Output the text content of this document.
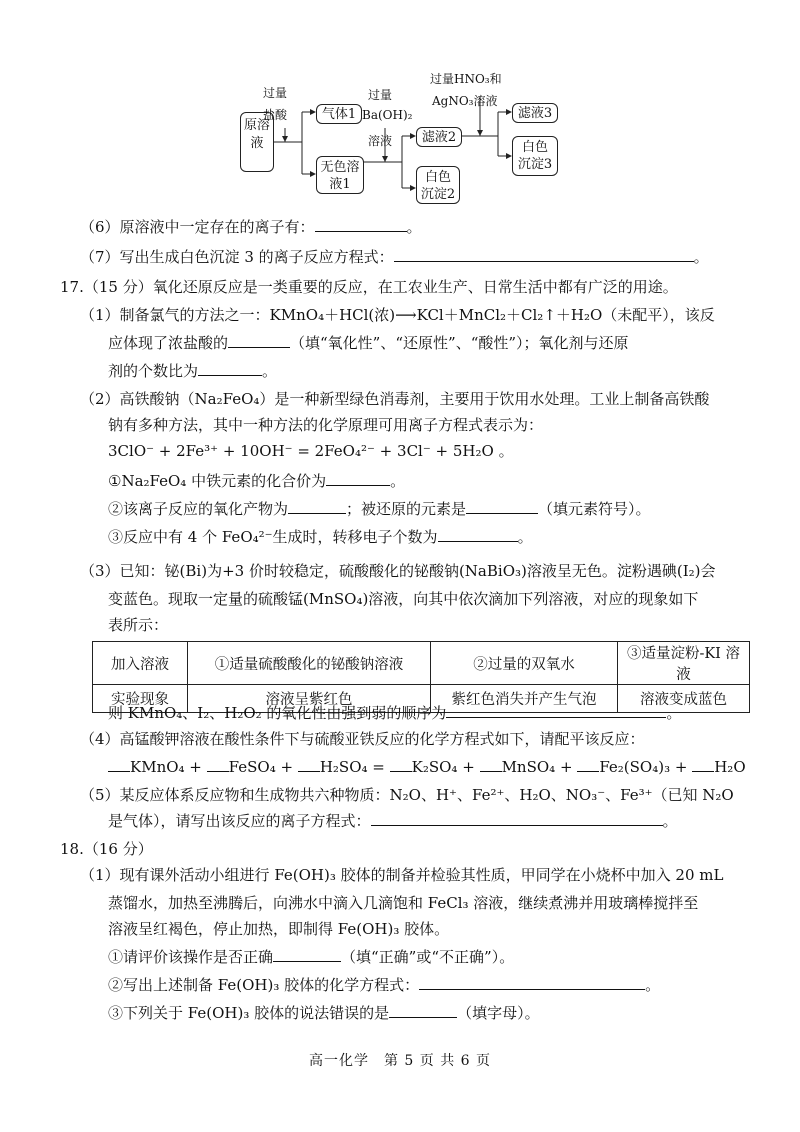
原溶液
过量
盐酸	气体1
无色溶液1
过量
Ba(OH)₂
溶液	滤液2
白色沉淀2
过量HNO₃和
AgNO₃溶液
滤液3
白色沉淀3
（6）原溶液中一定存在的离子有：	。
（7）写出生成白色沉淀 3 的离子反应方程式：	。
17.（15 分）氧化还原反应是一类重要的反应，在工农业生产、日常生活中都有广泛的用途。
（1）制备氯气的方法之一：KMnO₄＋HCl(浓)⟶KCl＋MnCl₂＋Cl₂↑＋H₂O（未配平），该反
应体现了浓盐酸的	（填“氧化性”、“还原性”、“酸性”）；氧化剂与还原
剂的个数比为	。
（2）高铁酸钠（Na₂FeO₄）是一种新型绿色消毒剂，主要用于饮用水处理。工业上制备高铁酸
钠有多种方法，其中一种方法的化学原理可用离子方程式表示为：
3ClO⁻ + 2Fe³⁺ + 10OH⁻ = 2FeO₄²⁻ + 3Cl⁻ + 5H₂O 。
①Na₂FeO₄ 中铁元素的化合价为	。
②该离子反应的氧化产物为	；被还原的元素是	（填元素符号）。
③反应中有 4 个 FeO₄²⁻生成时，转移电子个数为	。
（3）已知：铋(Bi)为+3 价时较稳定，硫酸酸化的铋酸钠(NaBiO₃)溶液呈无色。淀粉遇碘(I₂)会
变蓝色。现取一定量的硫酸锰(MnSO₄)溶液，向其中依次滴加下列溶液，对应的现象如下
表所示：
加入溶液	①适量硫酸酸化的铋酸钠溶液	②过量的双氧水	③适量淀粉-KI 溶液
实验现象	溶液呈紫红色	紫红色消失并产生气泡	溶液变成蓝色
则 KMnO₄、I₂、H₂O₂ 的氧化性由强到弱的顺序为	。
（4）高锰酸钾溶液在酸性条件下与硫酸亚铁反应的化学方程式如下，请配平该反应：
KMnO₄ + FeSO₄ + H₂SO₄ = K₂SO₄ + MnSO₄ + Fe₂(SO₄)₃ + H₂O
（5）某反应体系反应物和生成物共六种物质：N₂O、H⁺、Fe²⁺、H₂O、NO₃⁻、Fe³⁺（已知 N₂O
是气体），请写出该反应的离子方程式：	。
18.（16 分）
（1）现有课外活动小组进行 Fe(OH)₃ 胶体的制备并检验其性质，甲同学在小烧杯中加入 20 mL
蒸馏水，加热至沸腾后，向沸水中滴入几滴饱和 FeCl₃ 溶液，继续煮沸并用玻璃棒搅拌至
溶液呈红褐色，停止加热，即制得 Fe(OH)₃ 胶体。
①请评价该操作是否正确	（填“正确”或“不正确”）。
②写出上述制备 Fe(OH)₃ 胶体的化学方程式：	。
③下列关于 Fe(OH)₃ 胶体的说法错误的是	（填字母）。
高一化学　第 5 页 共 6 页
